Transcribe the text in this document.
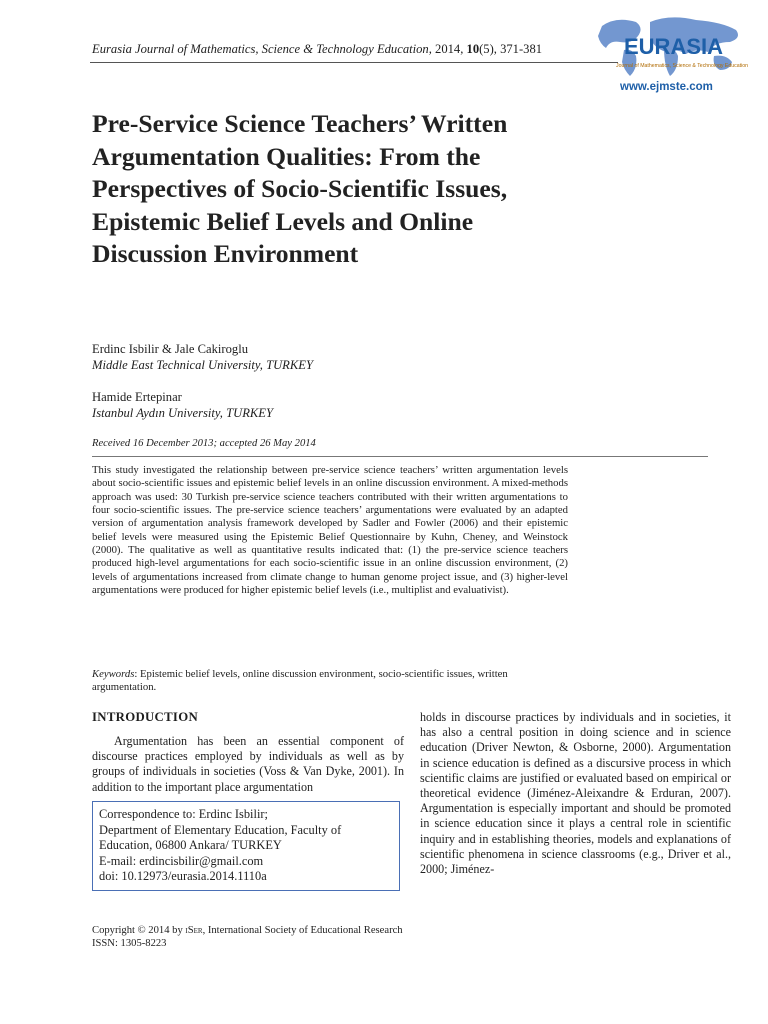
Eurasia Journal of Mathematics, Science & Technology Education, 2014, 10(5), 371-381	EURASIA
Journal of Mathematics, Science & Technology Education
www.ejmste.com
Pre-Service Science Teachers’ Written Argumentation Qualities: From the Perspectives of Socio-Scientific Issues, Epistemic Belief Levels and Online Discussion Environment
Erdinc Isbilir & Jale Cakiroglu
Middle East Technical University, TURKEY
Hamide Ertepinar
Istanbul Aydın University, TURKEY
Received 16 December 2013; accepted 26 May 2014
This study investigated the relationship between pre-service science teachers’ written argumentation levels about socio-scientific issues and epistemic belief levels in an online discussion environment. A mixed-methods approach was used: 30 Turkish pre-service science teachers contributed with their written argumentations to four socio-scientific issues. The pre-service science teachers’ argumentations were evaluated by an adapted version of argumentation analysis framework developed by Sadler and Fowler (2006) and their epistemic belief levels were measured using the Epistemic Belief Questionnaire by Kuhn, Cheney, and Weinstock (2000). The qualitative as well as quantitative results indicated that: (1) the pre-service science teachers produced high-level argumentations for each socio-scientific issue in an online discussion environment, (2) levels of argumentations increased from climate change to human genome project issue, and (3) higher-level argumentations were produced for higher epistemic belief levels (i.e., multiplist and evaluativist).
Keywords: Epistemic belief levels, online discussion environment, socio-scientific issues, written argumentation.
INTRODUCTION
Argumentation has been an essential component of discourse practices employed by individuals as well as by groups of individuals in societies (Voss & Van Dyke, 2001). In addition to the important place argumentation
holds in discourse practices by individuals and in societies, it has also a central position in doing science and in science education (Driver Newton, & Osborne, 2000). Argumentation in science education is defined as a discursive process in which scientific claims are justified or evaluated based on empirical or theoretical evidence (Jiménez-Aleixandre & Erduran, 2007). Argumentation is especially important and should be promoted in science education since it plays a central role in scientific inquiry and in establishing theories, models and explanations of scientific phenomena in science classrooms (e.g., Driver et al., 2000; Jiménez-
Correspondence to: Erdinc Isbilir;
Department of Elementary Education, Faculty of
Education, 06800 Ankara/ TURKEY
E-mail: erdincisbilir@gmail.com
doi: 10.12973/eurasia.2014.1110a
Copyright © 2014 by iSer, International Society of Educational Research
ISSN: 1305-8223
